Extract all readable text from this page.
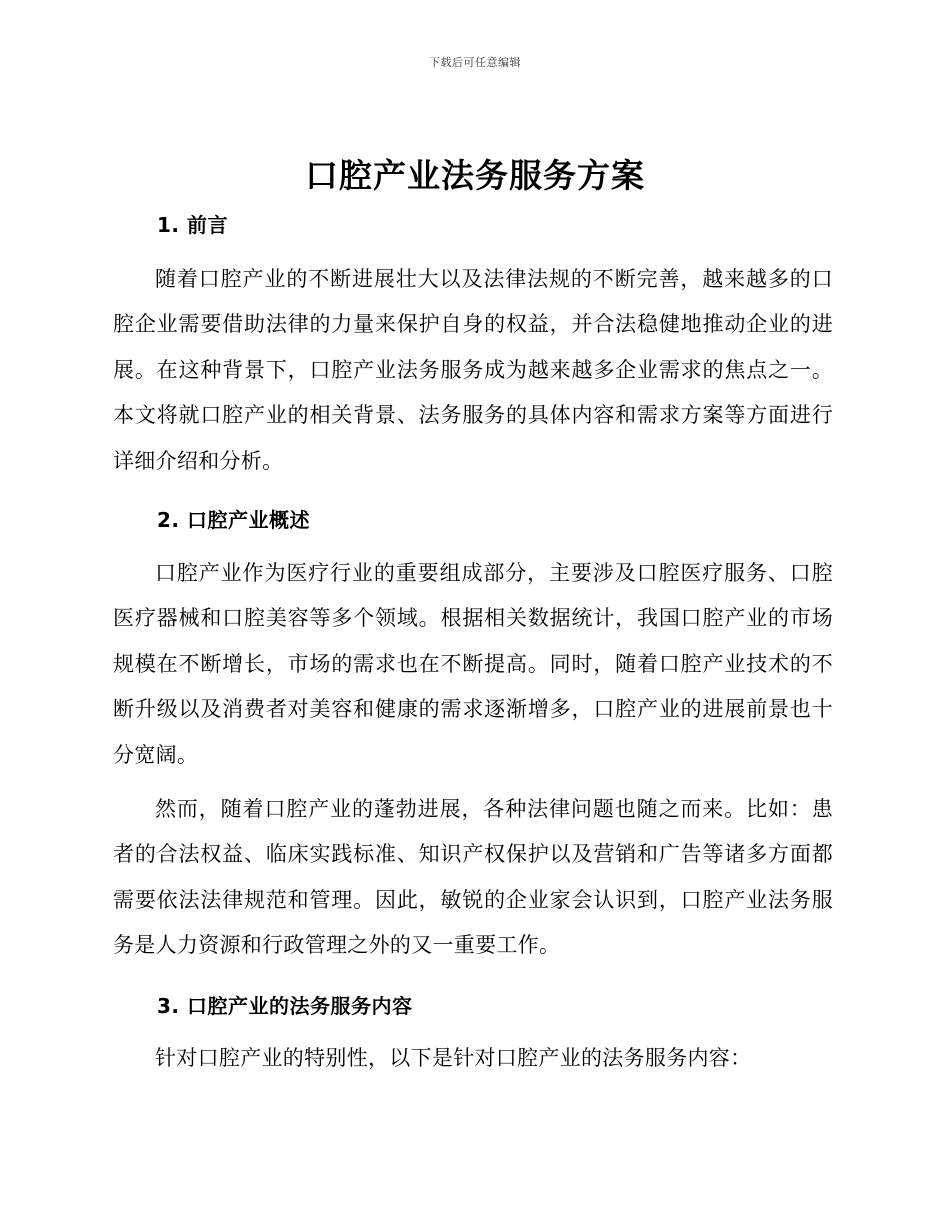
下载后可任意编辑
口腔产业法务服务方案
1. 前言

随着口腔产业的不断进展壮大以及法律法规的不断完善，越来越多的口腔企业需要借助法律的力量来保护自身的权益，并合法稳健地推动企业的进展。在这种背景下，口腔产业法务服务成为越来越多企业需求的焦点之一。本文将就口腔产业的相关背景、法务服务的具体内容和需求方案等方面进行详细介绍和分析。

2. 口腔产业概述

口腔产业作为医疗行业的重要组成部分，主要涉及口腔医疗服务、口腔医疗器械和口腔美容等多个领域。根据相关数据统计，我国口腔产业的市场规模在不断增长，市场的需求也在不断提高。同时，随着口腔产业技术的不断升级以及消费者对美容和健康的需求逐渐增多，口腔产业的进展前景也十分宽阔。

然而，随着口腔产业的蓬勃进展，各种法律问题也随之而来。比如：患者的合法权益、临床实践标准、知识产权保护以及营销和广告等诸多方面都需要依法法律规范和管理。因此，敏锐的企业家会认识到，口腔产业法务服务是人力资源和行政管理之外的又一重要工作。

3. 口腔产业的法务服务内容

针对口腔产业的特别性，以下是针对口腔产业的法务服务内容：
